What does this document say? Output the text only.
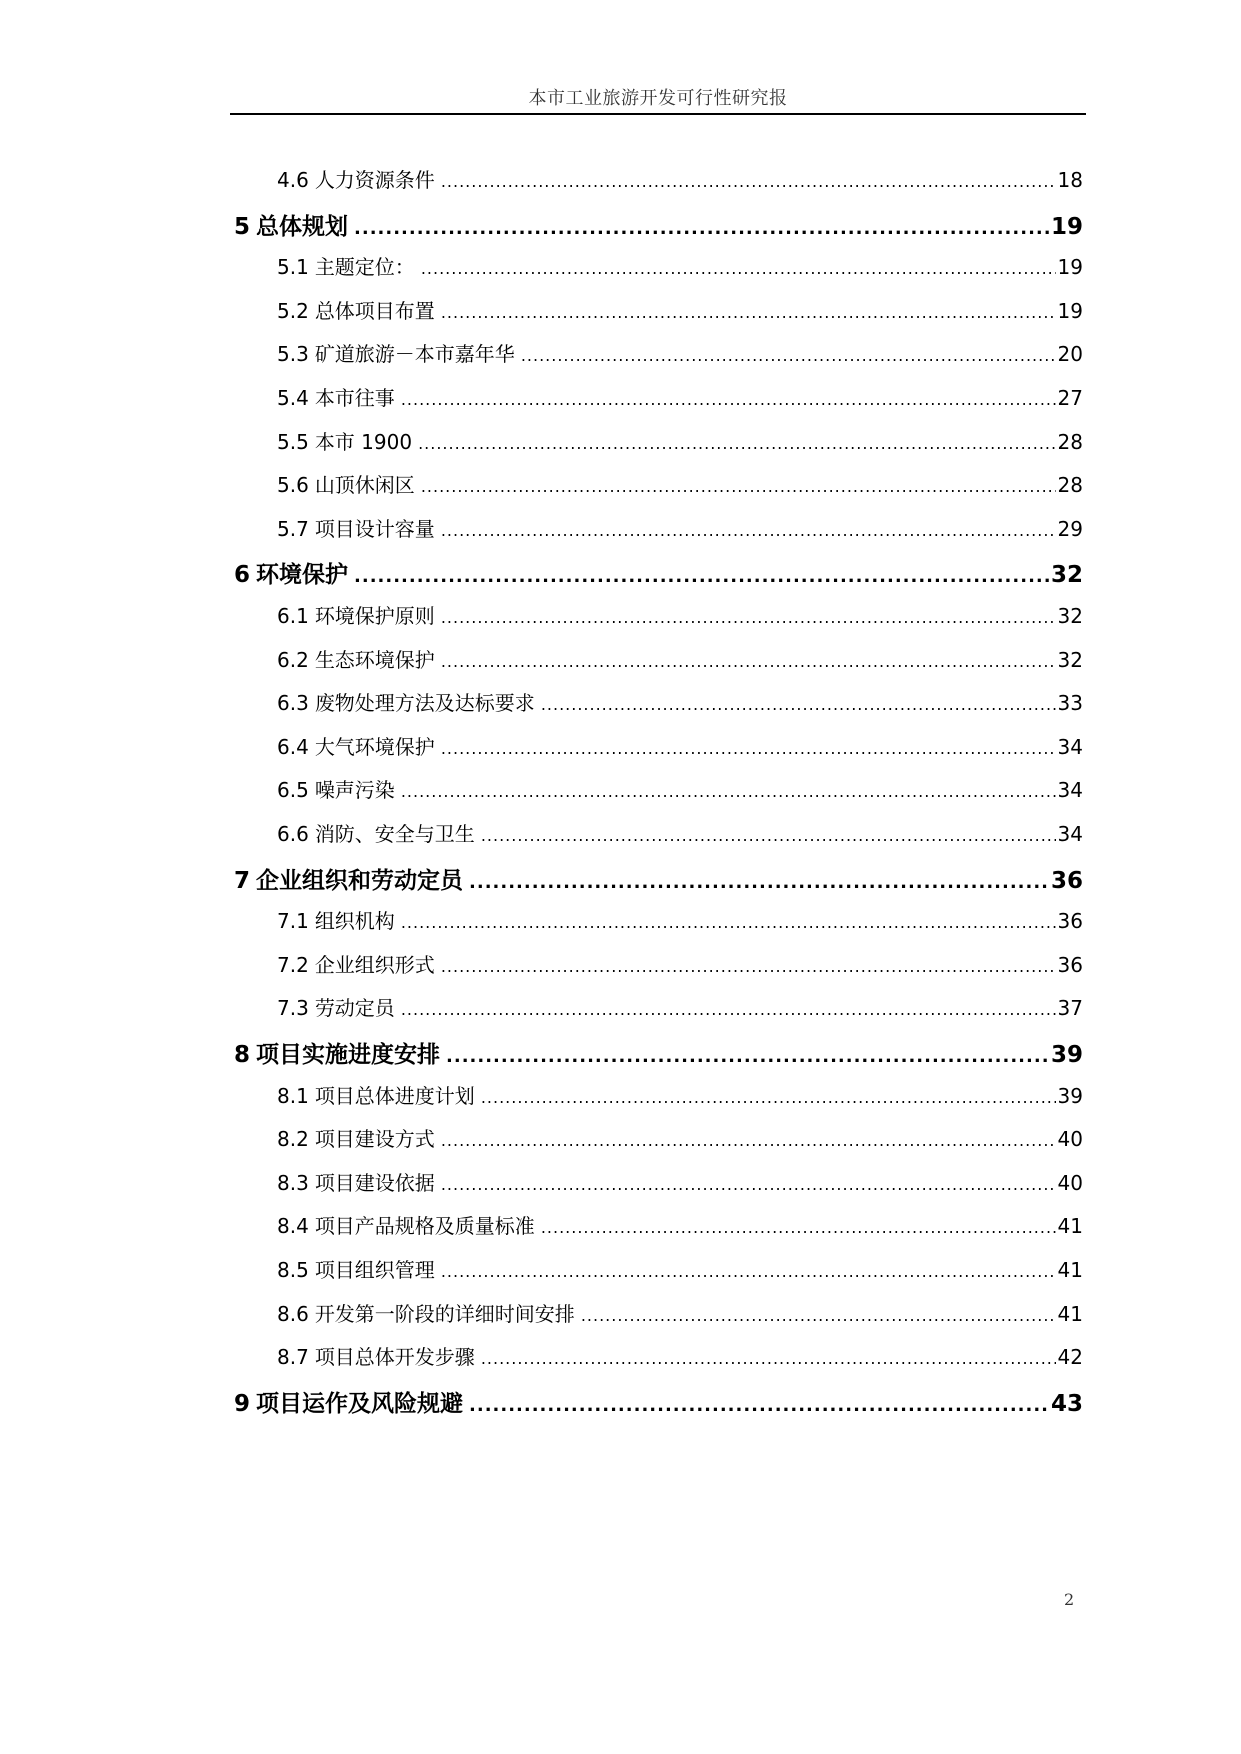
本市工业旅游开发可行性研究报
4.6 人力资源条件 .....	18
5 总体规划 .....	19
5.1 主题定位： .....	19
5.2 总体项目布置 .....	19
5.3 矿道旅游－本市嘉年华 .....	20
5.4 本市往事 .....	27
5.5 本市 1900 .....	28
5.6 山顶休闲区 .....	28
5.7 项目设计容量 .....	29
6 环境保护 .....	32
6.1 环境保护原则 .....	32
6.2 生态环境保护 .....	32
6.3 废物处理方法及达标要求 .....	33
6.4 大气环境保护 .....	34
6.5 噪声污染 .....	34
6.6 消防、安全与卫生 .....	34
7 企业组织和劳动定员 .....	36
7.1 组织机构 .....	36
7.2 企业组织形式 .....	36
7.3 劳动定员 .....	37
8 项目实施进度安排 .....	39
8.1 项目总体进度计划 .....	39
8.2 项目建设方式 .....	40
8.3 项目建设依据 .....	40
8.4 项目产品规格及质量标准 .....	41
8.5 项目组织管理 .....	41
8.6 开发第一阶段的详细时间安排 .....	41
8.7 项目总体开发步骤 .....	42
9 项目运作及风险规避 .....	43
2
